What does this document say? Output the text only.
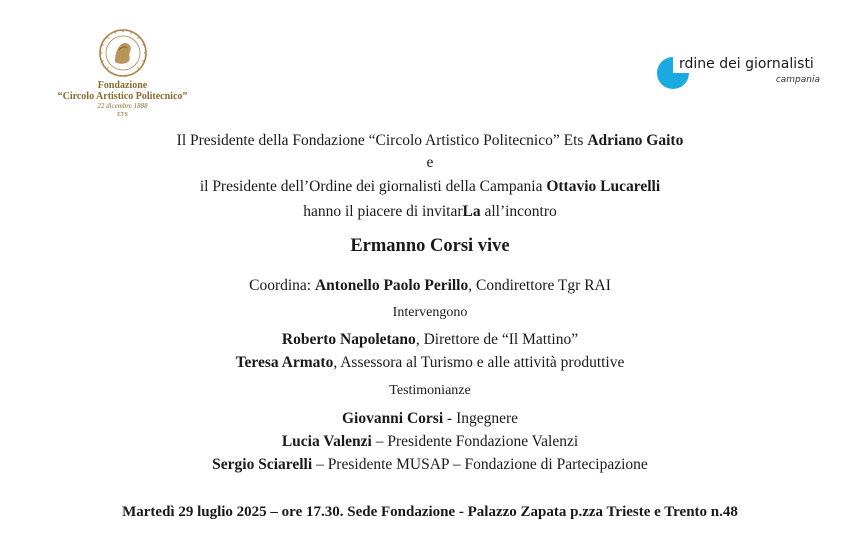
Fondazione
“Circolo Artistico Politecnico”
22 dicembre 1888
ETS
rdine dei giornalisti
campania
Il Presidente della Fondazione “Circolo Artistico Politecnico” Ets Adriano Gaito
e
il Presidente dell’Ordine dei giornalisti della Campania Ottavio Lucarelli
hanno il piacere di invitarLa all’incontro
Ermanno Corsi vive
Coordina: Antonello Paolo Perillo, Condirettore Tgr RAI
Intervengono
Roberto Napoletano, Direttore de “Il Mattino”
Teresa Armato, Assessora al Turismo e alle attività produttive
Testimonianze
Giovanni Corsi - Ingegnere
Lucia Valenzi – Presidente Fondazione Valenzi
Sergio Sciarelli – Presidente MUSAP – Fondazione di Partecipazione
Martedì 29 luglio 2025 – ore 17.30. Sede Fondazione - Palazzo Zapata p.zza Trieste e Trento n.48
